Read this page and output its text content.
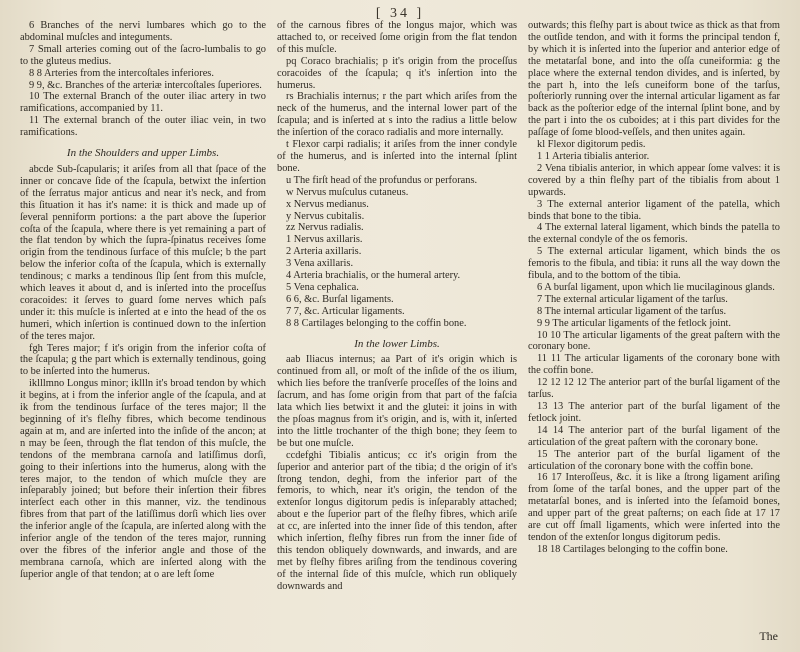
[ 34 ]

6 Branches of the nervi lumbares which go to the abdominal muſcles and integuments.

7 Small arteries coming out of the ſacro-lumbalis to go to the gluteus medius.

8 8 Arteries from the intercoſtales inferiores.

9 9, &c. Branches of the arteriæ intercoſtales ſuperiores.

10 The external Branch of the outer iliac artery in two ramifications, accompanied by 11.

11 The external branch of the outer iliac vein, in two ramifications.

In the Shoulders and upper Limbs.

abcde Sub-ſcapularis; it ariſes from all that ſpace of the inner or concave ſide of the ſcapula, betwixt the inſertion of the ſerratus major anticus and near it's neck, and from this ſituation it has it's name: it is thick and made up of ſeveral penniform portions: a the part above the ſuperior coſta of the ſcapula, where there is yet remaining a part of the flat tendon by which the ſupra-ſpinatus receives ſome origin from the tendinous ſurface of this muſcle; b the part below the inferior coſta of the ſcapula, which is externally tendinous; c marks a tendinous ſlip ſent from this muſcle, which leaves it about d, and is inſerted into the proceſſus coracoides: it ſerves to guard ſome nerves which paſs under it: this muſcle is inſerted at e into the head of the os humeri, which inſertion is continued down to the inſertion of the teres major.

fgh Teres major; f it's origin from the inferior coſta of the ſcapula; g the part which is externally tendinous, going to be inſerted into the humerus.

iklllmno Longus minor; ikllln it's broad tendon by which it begins, at i from the inferior angle of the ſcapula, and at ik from the tendinous ſurface of the teres major; ll the beginning of it's fleſhy fibres, which become tendinous again at m, and are inſerted into the inſide of the ancon; at n may be ſeen, through the flat tendon of this muſcle, the tendons of the membrana carnoſa and latiſſimus dorſi, going to their inſertions into the humerus, along with the teres major, to the tendon of which muſcle they are inſeparably joined; but before their inſertion their fibres interſect each other in this manner, viz. the tendinous fibres from that part of the latiſſimus dorſi which lies over the inferior angle of the ſcapula, are inſerted along with the inferior angle of the tendon of the teres major, running over the fibres of the inferior angle and those of the membrana carnoſa, which are inſerted along with the ſuperior angle of that tendon; at o are left ſome

of the carnous fibres of the longus major, which was attached to, or received ſome origin from the flat tendon of this muſcle.

pq Coraco brachialis; p it's origin from the proceſſus coracoides of the ſcapula; q it's inſertion into the humerus.

rs Brachialis internus; r the part which ariſes from the neck of the humerus, and the internal lower part of the ſcapula; and is inſerted at s into the radius a little below the inſertion of the coraco radialis and more internally.

t Flexor carpi radialis; it ariſes from the inner condyle of the humerus, and is inſerted into the internal ſplint bone.

u The firſt head of the profundus or perforans.

w Nervus muſculus cutaneus.

x Nervus medianus.

y Nervus cubitalis.

zz Nervus radialis.

1 Nervus axillaris.

2 Arteria axillaris.

3 Vena axillaris.

4 Arteria brachialis, or the humeral artery.

5 Vena cephalica.

6 6, &c. Burſal ligaments.

7 7, &c. Articular ligaments.

8 8 Cartilages belonging to the coffin bone.

In the lower Limbs.

aab Iliacus internus; aa Part of it's origin which is continued from all, or moſt of the inſide of the os ilium, which lies before the tranſverſe proceſſes of the loins and ſacrum, and has ſome origin from that part of the faſcia lata which lies betwixt it and the glutei: it joins in with the pſoas magnus from it's origin, and is, with it, inſerted into the little trochanter of the thigh bone; they ſeem to be but one muſcle.

ccdefghi Tibialis anticus; cc it's origin from the ſuperior and anterior part of the tibia; d the origin of it's ſtrong tendon, deghi, from the inferior part of the femoris, to which, near it's origin, the tendon of the extenſor longus digitorum pedis is inſeparably attached; about e the ſuperior part of the fleſhy fibres, which ariſe at cc, are inſerted into the inner ſide of this tendon, after which inſertion, fleſhy fibres run from the inner ſide of this tendon obliquely downwards, and inwards, and are met by fleſhy fibres ariſing from the tendinous covering of the internal ſide of this muſcle, which run obliquely downwards and

outwards; this fleſhy part is about twice as thick as that from the outſide tendon, and with it forms the principal tendon f, by which it is inſerted into the ſuperior and anterior edge of the metatarſal bone, and into the oſſa cuneiformia: g the place where the external tendon divides, and is inſerted, by the part h, into the leſs cuneiform bone of the tarſus, poſteriorly running over the internal articular ligament as far back as the poſterior edge of the internal ſplint bone, and by the part i into the os cuboides; at i this part divides for the paſſage of ſome blood-veſſels, and then unites again.

kl Flexor digitorum pedis.

1 1 Arteria tibialis anterior.

2 Vena tibialis anterior, in which appear ſome valves: it is covered by a thin fleſhy part of the tibialis from about 1 upwards.

3 The external anterior ligament of the patella, which binds that bone to the tibia.

4 The external lateral ligament, which binds the patella to the external condyle of the os femoris.

5 The external articular ligament, which binds the os femoris to the fibula, and tibia: it runs all the way down the fibula, and to the bottom of the tibia.

6 A burſal ligament, upon which lie mucilaginous glands.

7 The external articular ligament of the tarſus.

8 The internal articular ligament of the tarſus.

9 9 The articular ligaments of the fetlock joint.

10 10 The articular ligaments of the great paſtern with the coronary bone.

11 11 The articular ligaments of the coronary bone with the coffin bone.

12 12 12 12 The anterior part of the burſal ligament of the tarſus.

13 13 The anterior part of the burſal ligament of the fetlock joint.

14 14 The anterior part of the burſal ligament of the articulation of the great paſtern with the coronary bone.

15 The anterior part of the burſal ligament of the articulation of the coronary bone with the coffin bone.

16 17 Interoſſeus, &c. it is like a ſtrong ligament ariſing from ſome of the tarſal bones, and the upper part of the metatarſal bones, and is inſerted into the ſeſamoid bones, and upper part of the great paſterns; on each ſide at 17 17 are cut off ſmall ligaments, which were inſerted into the tendon of the extenſor longus digitorum pedis.

18 18 Cartilages belonging to the coffin bone.

The
